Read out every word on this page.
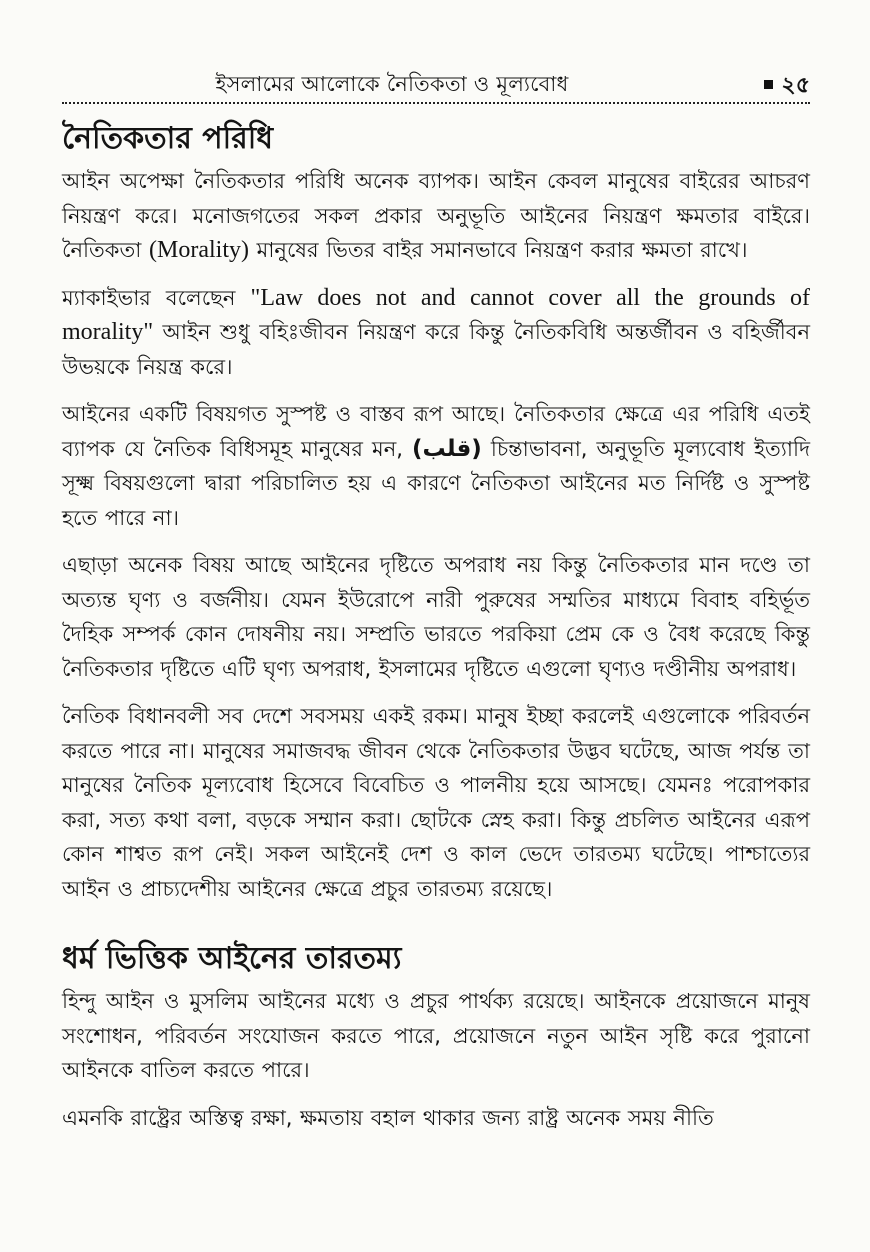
ইসলামের আলোকে নৈতিকতা ও মূল্যবোধ	২৫
নৈতিকতার পরিধি

আইন অপেক্ষা নৈতিকতার পরিধি অনেক ব্যাপক। আইন কেবল মানুষের বাইরের আচরণ নিয়ন্ত্রণ করে। মনোজগতের সকল প্রকার অনুভূতি আইনের নিয়ন্ত্রণ ক্ষমতার বাইরে। নৈতিকতা (Morality) মানুষের ভিতর বাইর সমানভাবে নিয়ন্ত্রণ করার ক্ষমতা রাখে।

ম্যাকাইভার বলেছেন "Law does not and cannot cover all the grounds of morality" আইন শুধু বহিঃজীবন নিয়ন্ত্রণ করে কিন্তু নৈতিকবিধি অন্তর্জীবন ও বহির্জীবন উভয়কে নিয়ন্ত্র করে।

আইনের একটি বিষয়গত সুস্পষ্ট ও বাস্তব রূপ আছে। নৈতিকতার ক্ষেত্রে এর পরিধি এতই ব্যাপক যে নৈতিক বিধিসমূহ মানুষের মন, (قلب) চিন্তাভাবনা, অনুভূতি মূল্যবোধ ইত্যাদি সূক্ষ্ম বিষয়গুলো দ্বারা পরিচালিত হয় এ কারণে নৈতিকতা আইনের মত নির্দিষ্ট ও সুস্পষ্ট হতে পারে না।

এছাড়া অনেক বিষয় আছে আইনের দৃষ্টিতে অপরাধ নয় কিন্তু নৈতিকতার মান দণ্ডে তা অত্যন্ত ঘৃণ্য ও বর্জনীয়। যেমন ইউরোপে নারী পুরুষের সম্মতির মাধ্যমে বিবাহ বহির্ভূত দৈহিক সম্পর্ক কোন দোষনীয় নয়। সম্প্রতি ভারতে পরকিয়া প্রেম কে ও বৈধ করেছে কিন্তু নৈতিকতার দৃষ্টিতে এটি ঘৃণ্য অপরাধ, ইসলামের দৃষ্টিতে এগুলো ঘৃণ্যও দণ্ডীনীয় অপরাধ।

নৈতিক বিধানবলী সব দেশে সবসময় একই রকম। মানুষ ইচ্ছা করলেই এগুলোকে পরিবর্তন করতে পারে না। মানুষের সমাজবদ্ধ জীবন থেকে নৈতিকতার উদ্ভব ঘটেছে, আজ পর্যন্ত তা মানুষের নৈতিক মূল্যবোধ হিসেবে বিবেচিত ও পালনীয় হয়ে আসছে। যেমনঃ পরোপকার করা, সত্য কথা বলা, বড়কে সম্মান করা। ছোটকে স্নেহ করা। কিন্তু প্রচলিত আইনের এরূপ কোন শাশ্বত রূপ নেই। সকল আইনেই দেশ ও কাল ভেদে তারতম্য ঘটেছে। পাশ্চাত্যের আইন ও প্রাচ্যদেশীয় আইনের ক্ষেত্রে প্রচুর তারতম্য রয়েছে।

ধর্ম ভিত্তিক আইনের তারতম্য

হিন্দু আইন ও মুসলিম আইনের মধ্যে ও প্রচুর পার্থক্য রয়েছে। আইনকে প্রয়োজনে মানুষ সংশোধন, পরিবর্তন সংযোজন করতে পারে, প্রয়োজনে নতুন আইন সৃষ্টি করে পুরানো আইনকে বাতিল করতে পারে।

এমনকি রাষ্ট্রের অস্তিত্ব রক্ষা, ক্ষমতায় বহাল থাকার জন্য রাষ্ট্র অনেক সময় নীতি
